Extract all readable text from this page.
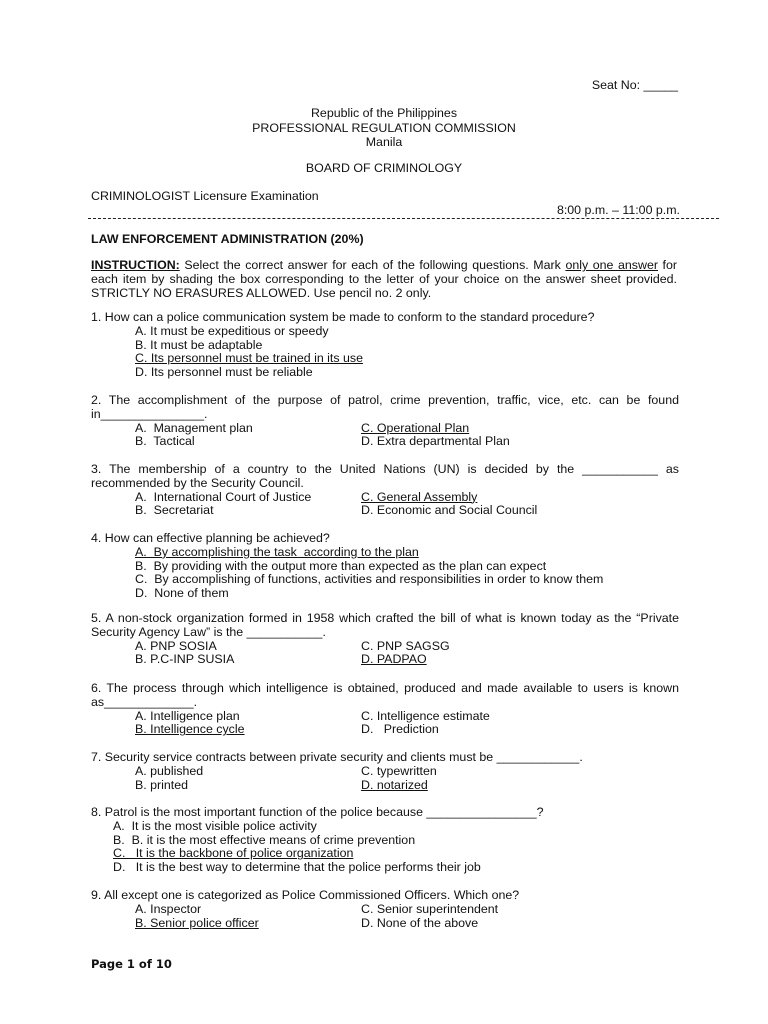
Seat No: _____
Republic of the Philippines
PROFESSIONAL REGULATION COMMISSION
Manila
BOARD OF CRIMINOLOGY
CRIMINOLOGIST Licensure Examination
8:00 p.m. – 11:00 p.m.
LAW ENFORCEMENT ADMINISTRATION (20%)
INSTRUCTION: Select the correct answer for each of the following questions. Mark only one answer for each item by shading the box corresponding to the letter of your choice on the answer sheet provided. STRICTLY NO ERASURES ALLOWED. Use pencil no. 2 only.
1. How can a police communication system be made to conform to the standard procedure?
A. It must be expeditious or speedy
B. It must be adaptable
C. Its personnel must be trained in its use
D. Its personnel must be reliable
2. The accomplishment of the purpose of patrol, crime prevention, traffic, vice, etc. can be found in_______________.
A.  Management plan	C. Operational Plan
B.  Tactical	D. Extra departmental Plan
3. The membership of a country to the United Nations (UN) is decided by the ___________ as recommended by the Security Council.
A.  International Court of Justice	C. General Assembly
B.  Secretariat	D. Economic and Social Council
4. How can effective planning be achieved?
A.  By accomplishing the task  according to the plan
B.  By providing with the output more than expected as the plan can expect
C.  By accomplishing of functions, activities and responsibilities in order to know them
D.  None of them
5. A non-stock organization formed in 1958 which crafted the bill of what is known today as the “Private Security Agency Law” is the ___________.
A. PNP SOSIA	C. PNP SAGSG
B. P.C-INP SUSIA	D. PADPAO
6. The process through which intelligence is obtained, produced and made available to users is known as_____________.
A. Intelligence plan	C. Intelligence estimate
B. Intelligence cycle	D.   Prediction
7. Security service contracts between private security and clients must be ____________.
A. published	C. typewritten
B. printed	D. notarized
8. Patrol is the most important function of the police because ________________?
A.  It is the most visible police activity
B.  B. it is the most effective means of crime prevention
C.   It is the backbone of police organization
D.   It is the best way to determine that the police performs their job
9. All except one is categorized as Police Commissioned Officers. Which one?
A. Inspector	C. Senior superintendent
B. Senior police officer	D. None of the above
Page 1 of 10
